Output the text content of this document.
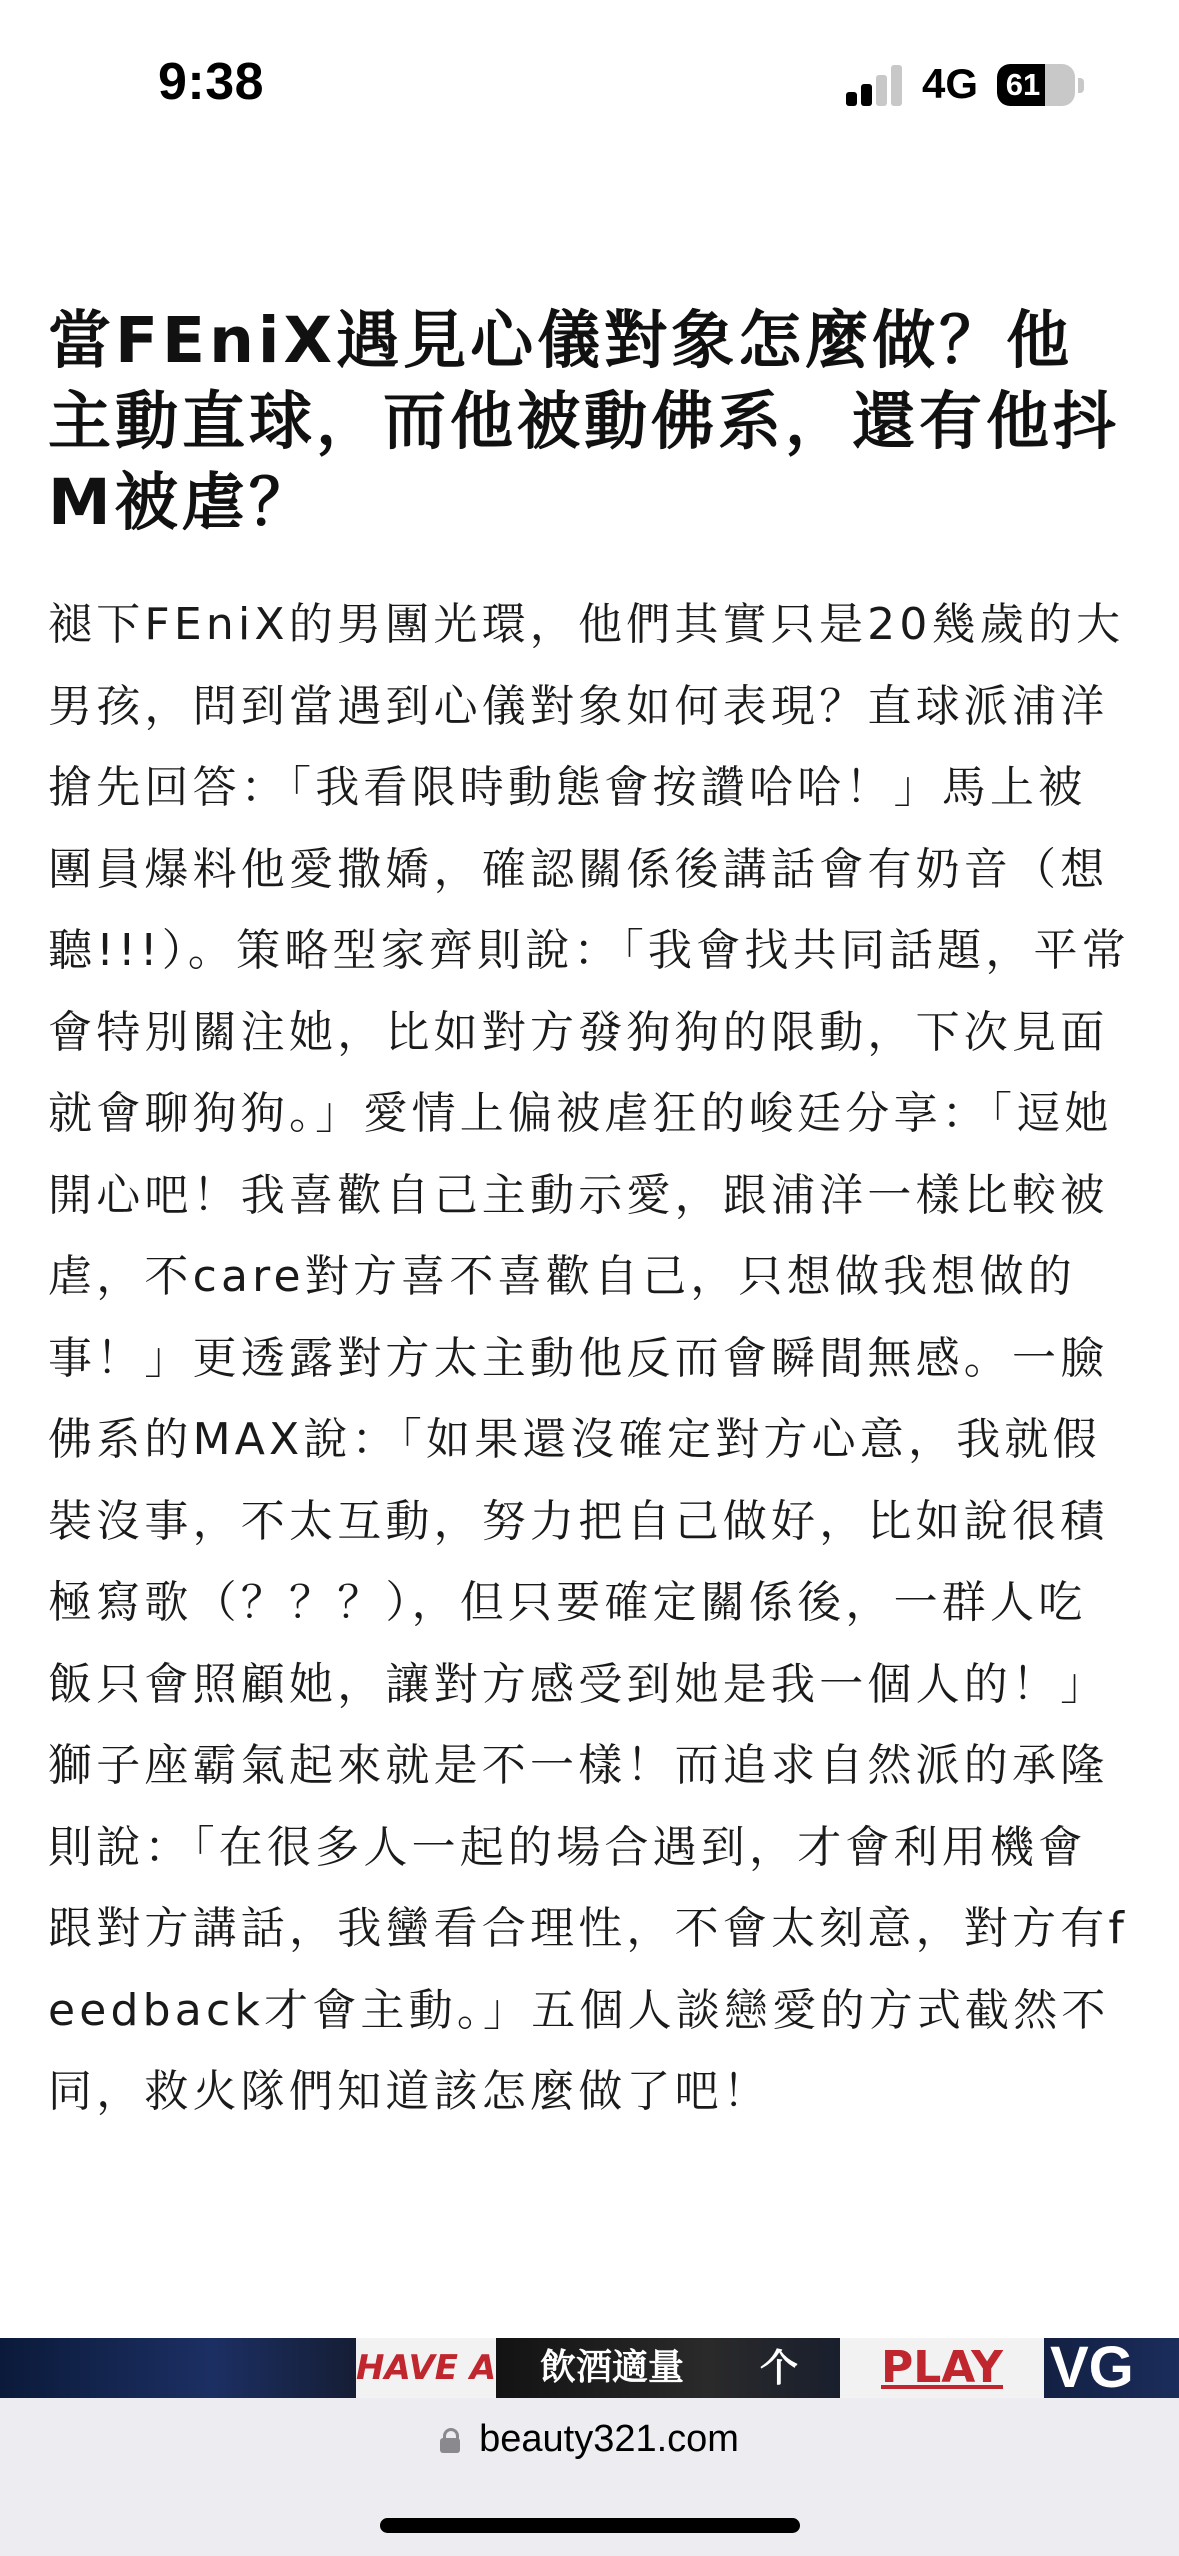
9:38	4G 61
當FEniX遇見心儀對象怎麼做？他主動直球，而他被動佛系，還有他抖M被虐？

褪下FEniX的男團光環，他們其實只是20幾歲的大男孩，問到當遇到心儀對象如何表現？直球派浦洋搶先回答：「我看限時動態會按讚哈哈！」馬上被團員爆料他愛撒嬌，確認關係後講話會有奶音（想聽!!!）。策略型家齊則說：「我會找共同話題，平常會特別關注她，比如對方發狗狗的限動，下次見面就會聊狗狗。」愛情上偏被虐狂的峻廷分享：「逗她開心吧！我喜歡自己主動示愛，跟浦洋一樣比較被虐，不care對方喜不喜歡自己，只想做我想做的事！」更透露對方太主動他反而會瞬間無感。一臉佛系的MAX說：「如果還沒確定對方心意，我就假裝沒事，不太互動，努力把自己做好，比如說很積極寫歌（？？？），但只要確定關係後，一群人吃飯只會照顧她，讓對方感受到她是我一個人的！」獅子座霸氣起來就是不一樣！而追求自然派的承隆則說：「在很多人一起的場合遇到，才會利用機會跟對方講話，我蠻看合理性，不會太刻意，對方有feedback才會主動。」五個人談戀愛的方式截然不同，救火隊們知道該怎麼做了吧！

HAVE A 飲酒適量 个	PLAY VG
beauty321.com
